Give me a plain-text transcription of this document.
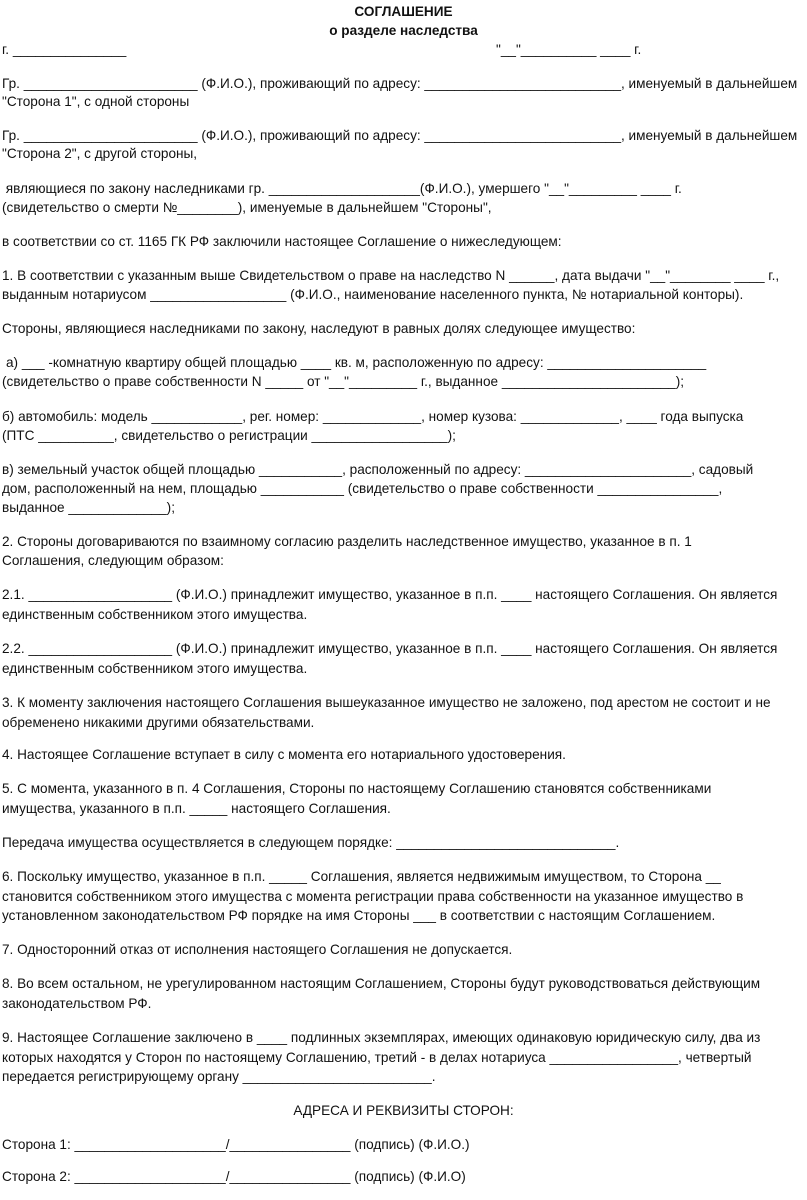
СОГЛАШЕНИЕ
о разделе наследства
г. _______________	"__"__________ ____ г.
Гр. _______________________ (Ф.И.О.), проживающий по адресу: __________________________, именуемый в дальнейшем
"Сторона 1", с одной стороны
Гр. _______________________ (Ф.И.О.), проживающий по адресу: __________________________, именуемый в дальнейшем
"Сторона 2", с другой стороны,
являющиеся по закону наследниками гр. ____________________(Ф.И.О.), умершего "__"_________ ____ г.
(свидетельство о смерти №________), именуемые в дальнейшем "Стороны",
в соответствии со ст. 1165 ГК РФ заключили настоящее Соглашение о нижеследующем:
1. В соответствии с указанным выше Свидетельством о праве на наследство N ______, дата выдачи "__"________ ____ г.,
выданным нотариусом __________________ (Ф.И.О., наименование населенного пункта, № нотариальной конторы).
Стороны, являющиеся наследниками по закону, наследуют в равных долях следующее имущество:
а) ___ -комнатную квартиру общей площадью ____ кв. м, расположенную по адресу: _____________________
(свидетельство о праве собственности N _____ от "__"_________ г., выданное _______________________);
б) автомобиль: модель ____________, рег. номер: _____________, номер кузова: _____________, ____ года выпуска
(ПТС __________, свидетельство о регистрации __________________);
в) земельный участок общей площадью ___________, расположенный по адресу: ______________________, садовый
дом, расположенный на нем, площадью ___________ (свидетельство о праве собственности ________________,
выданное _____________);
2. Стороны договариваются по взаимному согласию разделить наследственное имущество, указанное в п. 1
Соглашения, следующим образом:
2.1. ___________________ (Ф.И.О.) принадлежит имущество, указанное в п.п. ____ настоящего Соглашения. Он является
единственным собственником этого имущества.
2.2. ___________________ (Ф.И.О.) принадлежит имущество, указанное в п.п. ____ настоящего Соглашения. Он является
единственным собственником этого имущества.
3. К моменту заключения настоящего Соглашения вышеуказанное имущество не заложено, под арестом не состоит и не
обременено никакими другими обязательствами.
4. Настоящее Соглашение вступает в силу с момента его нотариального удостоверения.
5. С момента, указанного в п. 4 Соглашения, Стороны по настоящему Соглашению становятся собственниками
имущества, указанного в п.п. _____ настоящего Соглашения.
Передача имущества осуществляется в следующем порядке: _____________________________.
6. Поскольку имущество, указанное в п.п. _____ Соглашения, является недвижимым имуществом, то Сторона __
становится собственником этого имущества с момента регистрации права собственности на указанное имущество в
установленном законодательством РФ порядке на имя Стороны ___ в соответствии с настоящим Соглашением.
7. Односторонний отказ от исполнения настоящего Соглашения не допускается.
8. Во всем остальном, не урегулированном настоящим Соглашением, Стороны будут руководствоваться действующим
законодательством РФ.
9. Настоящее Соглашение заключено в ____ подлинных экземплярах, имеющих одинаковую юридическую силу, два из
которых находятся у Сторон по настоящему Соглашению, третий - в делах нотариуса _________________, четвертый
передается регистрирующему органу _________________________.
АДРЕСА И РЕКВИЗИТЫ СТОРОН:
Сторона 1: ____________________/________________ (подпись) (Ф.И.О.)
Сторона 2: ____________________/________________ (подпись) (Ф.И.О)
